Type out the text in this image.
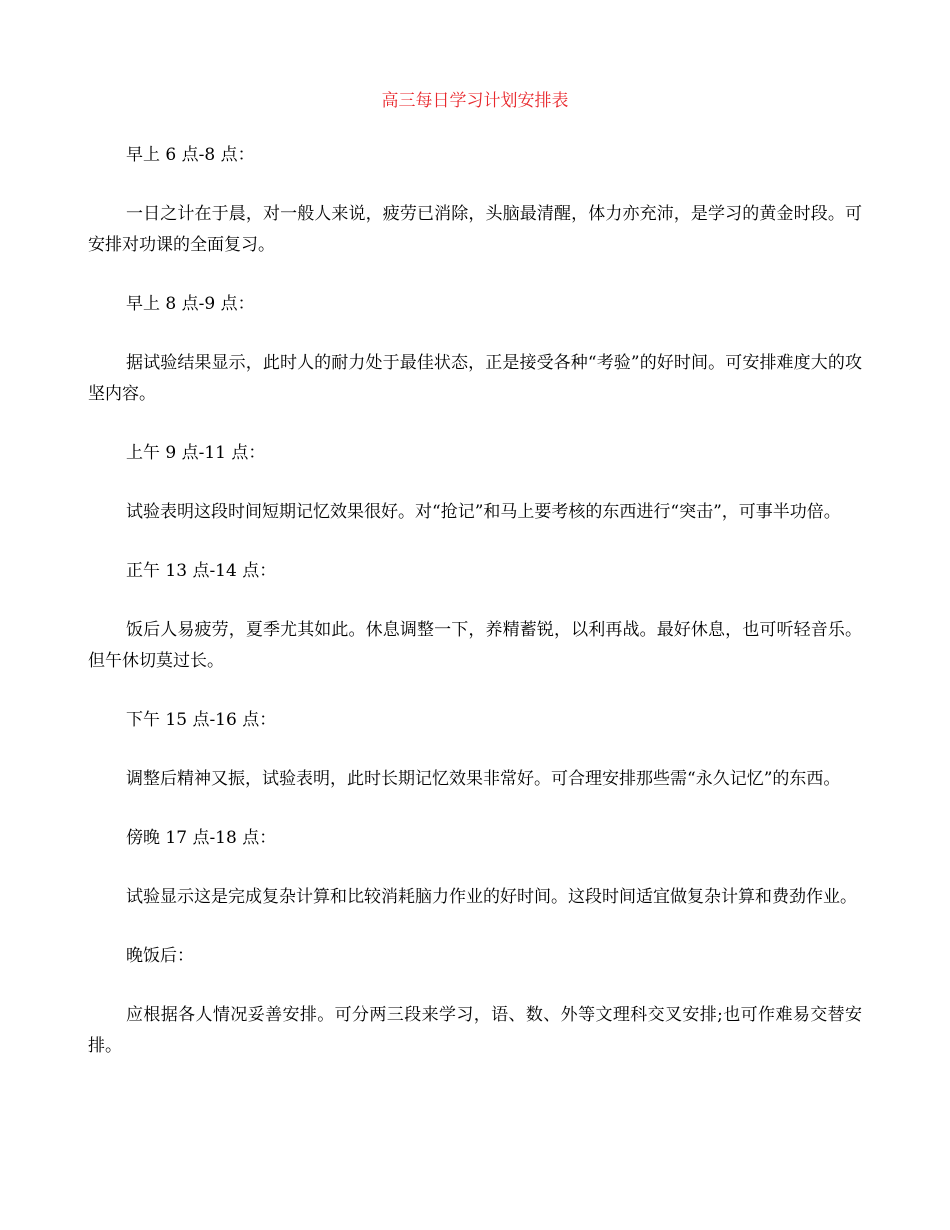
高三每日学习计划安排表

早上 6 点-8 点：

一日之计在于晨，对一般人来说，疲劳已消除，头脑最清醒，体力亦充沛，是学习的黄金时段。可安排对功课的全面复习。

早上 8 点-9 点：

据试验结果显示，此时人的耐力处于最佳状态，正是接受各种“考验”的好时间。可安排难度大的攻坚内容。

上午 9 点-11 点：

试验表明这段时间短期记忆效果很好。对“抢记”和马上要考核的东西进行“突击”，可事半功倍。

正午 13 点-14 点：

饭后人易疲劳，夏季尤其如此。休息调整一下，养精蓄锐，以利再战。最好休息，也可听轻音乐。但午休切莫过长。

下午 15 点-16 点：

调整后精神又振，试验表明，此时长期记忆效果非常好。可合理安排那些需“永久记忆”的东西。

傍晚 17 点-18 点：

试验显示这是完成复杂计算和比较消耗脑力作业的好时间。这段时间适宜做复杂计算和费劲作业。

晚饭后：

应根据各人情况妥善安排。可分两三段来学习，语、数、外等文理科交叉安排;也可作难易交替安排。
